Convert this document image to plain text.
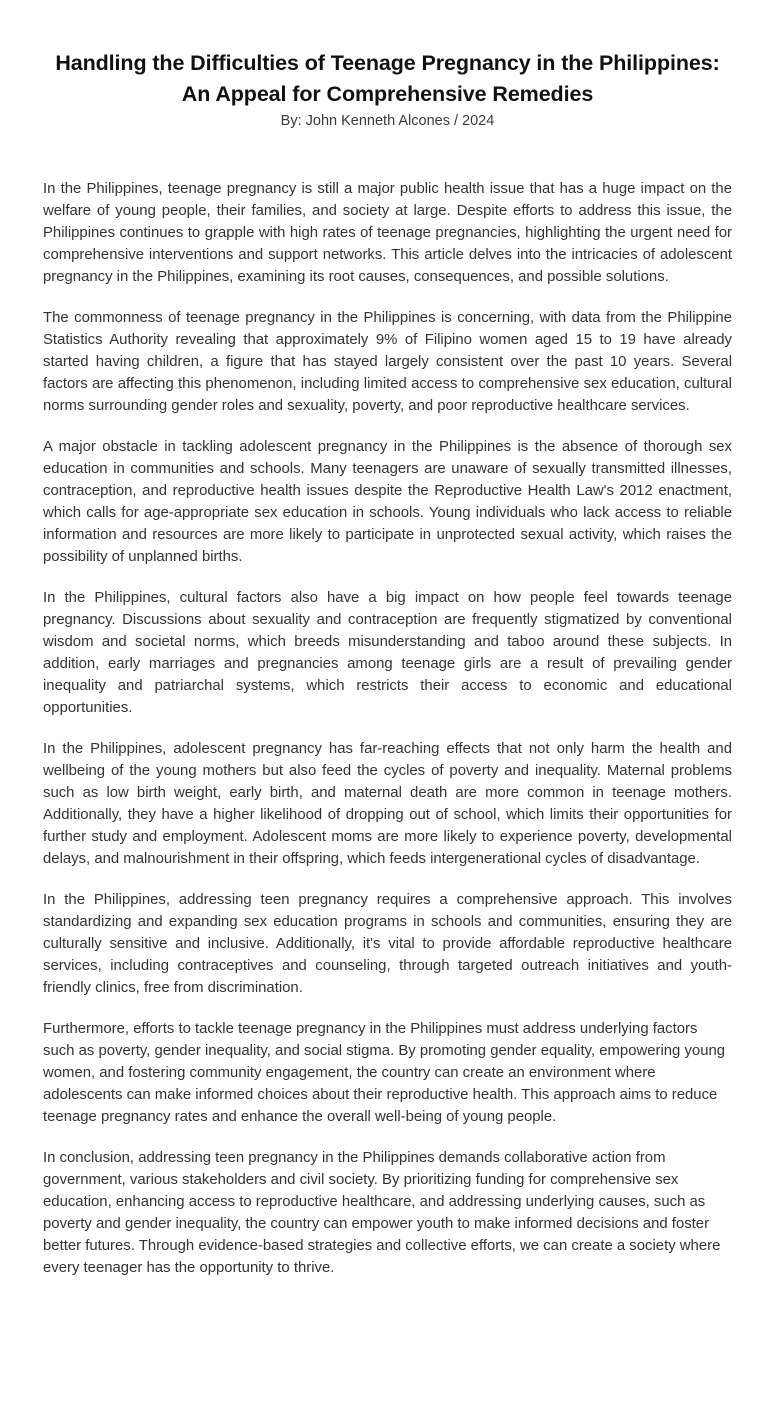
Handling the Difficulties of Teenage Pregnancy in the Philippines:
An Appeal for Comprehensive Remedies

By: John Kenneth Alcones / 2024

In the Philippines, teenage pregnancy is still a major public health issue that has a huge impact on the welfare of young people, their families, and society at large. Despite efforts to address this issue, the Philippines continues to grapple with high rates of teenage pregnancies, highlighting the urgent need for comprehensive interventions and support networks. This article delves into the intricacies of adolescent pregnancy in the Philippines, examining its root causes, consequences, and possible solutions.

The commonness of teenage pregnancy in the Philippines is concerning, with data from the Philippine Statistics Authority revealing that approximately 9% of Filipino women aged 15 to 19 have already started having children, a figure that has stayed largely consistent over the past 10 years. Several factors are affecting this phenomenon, including limited access to comprehensive sex education, cultural norms surrounding gender roles and sexuality, poverty, and poor reproductive healthcare services.

A major obstacle in tackling adolescent pregnancy in the Philippines is the absence of thorough sex education in communities and schools. Many teenagers are unaware of sexually transmitted illnesses, contraception, and reproductive health issues despite the Reproductive Health Law's 2012 enactment, which calls for age-appropriate sex education in schools. Young individuals who lack access to reliable information and resources are more likely to participate in unprotected sexual activity, which raises the possibility of unplanned births.

In the Philippines, cultural factors also have a big impact on how people feel towards teenage pregnancy. Discussions about sexuality and contraception are frequently stigmatized by conventional wisdom and societal norms, which breeds misunderstanding and taboo around these subjects. In addition, early marriages and pregnancies among teenage girls are a result of prevailing gender inequality and patriarchal systems, which restricts their access to economic and educational opportunities.

In the Philippines, adolescent pregnancy has far-reaching effects that not only harm the health and wellbeing of the young mothers but also feed the cycles of poverty and inequality. Maternal problems such as low birth weight, early birth, and maternal death are more common in teenage mothers. Additionally, they have a higher likelihood of dropping out of school, which limits their opportunities for further study and employment. Adolescent moms are more likely to experience poverty, developmental delays, and malnourishment in their offspring, which feeds intergenerational cycles of disadvantage.

In the Philippines, addressing teen pregnancy requires a comprehensive approach. This involves standardizing and expanding sex education programs in schools and communities, ensuring they are culturally sensitive and inclusive. Additionally, it's vital to provide affordable reproductive healthcare services, including contraceptives and counseling, through targeted outreach initiatives and youth-friendly clinics, free from discrimination.

Furthermore, efforts to tackle teenage pregnancy in the Philippines must address underlying factors such as poverty, gender inequality, and social stigma. By promoting gender equality, empowering young women, and fostering community engagement, the country can create an environment where adolescents can make informed choices about their reproductive health. This approach aims to reduce teenage pregnancy rates and enhance the overall well-being of young people.

In conclusion, addressing teen pregnancy in the Philippines demands collaborative action from government, various stakeholders and civil society. By prioritizing funding for comprehensive sex education, enhancing access to reproductive healthcare, and addressing underlying causes, such as poverty and gender inequality, the country can empower youth to make informed decisions and foster better futures. Through evidence-based strategies and collective efforts, we can create a society where every teenager has the opportunity to thrive.
